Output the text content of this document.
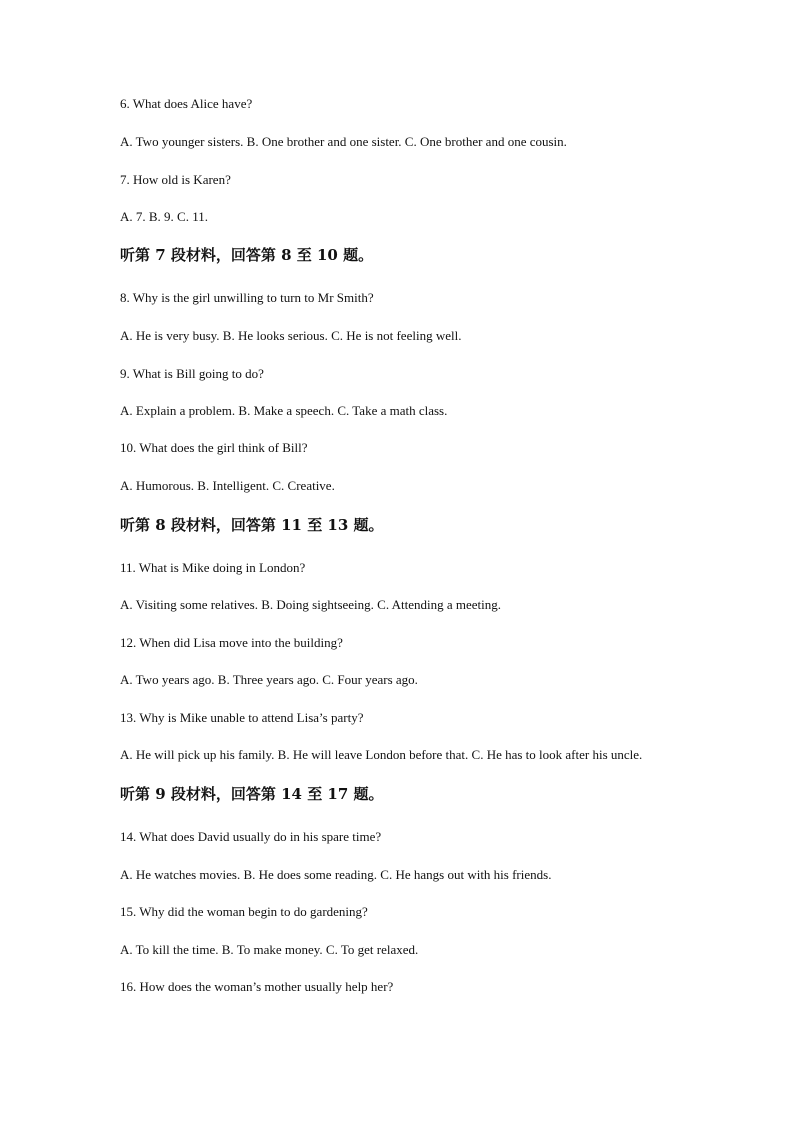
6. What does Alice have?
A. Two younger sisters. B. One brother and one sister. C. One brother and one cousin.
7. How old is Karen?
A. 7. B. 9. C. 11.
听第 7 段材料，回答第 8 至 10 题。
8. Why is the girl unwilling to turn to Mr Smith?
A. He is very busy. B. He looks serious. C. He is not feeling well.
9. What is Bill going to do?
A. Explain a problem. B. Make a speech. C. Take a math class.
10. What does the girl think of Bill?
A. Humorous. B. Intelligent. C. Creative.
听第 8 段材料，回答第 11 至 13 题。
11. What is Mike doing in London?
A. Visiting some relatives. B. Doing sightseeing. C. Attending a meeting.
12. When did Lisa move into the building?
A. Two years ago. B. Three years ago. C. Four years ago.
13. Why is Mike unable to attend Lisa’s party?
A. He will pick up his family. B. He will leave London before that. C. He has to look after his uncle.
听第 9 段材料，回答第 14 至 17 题。
14. What does David usually do in his spare time?
A. He watches movies. B. He does some reading. C. He hangs out with his friends.
15. Why did the woman begin to do gardening?
A. To kill the time. B. To make money. C. To get relaxed.
16. How does the woman’s mother usually help her?
